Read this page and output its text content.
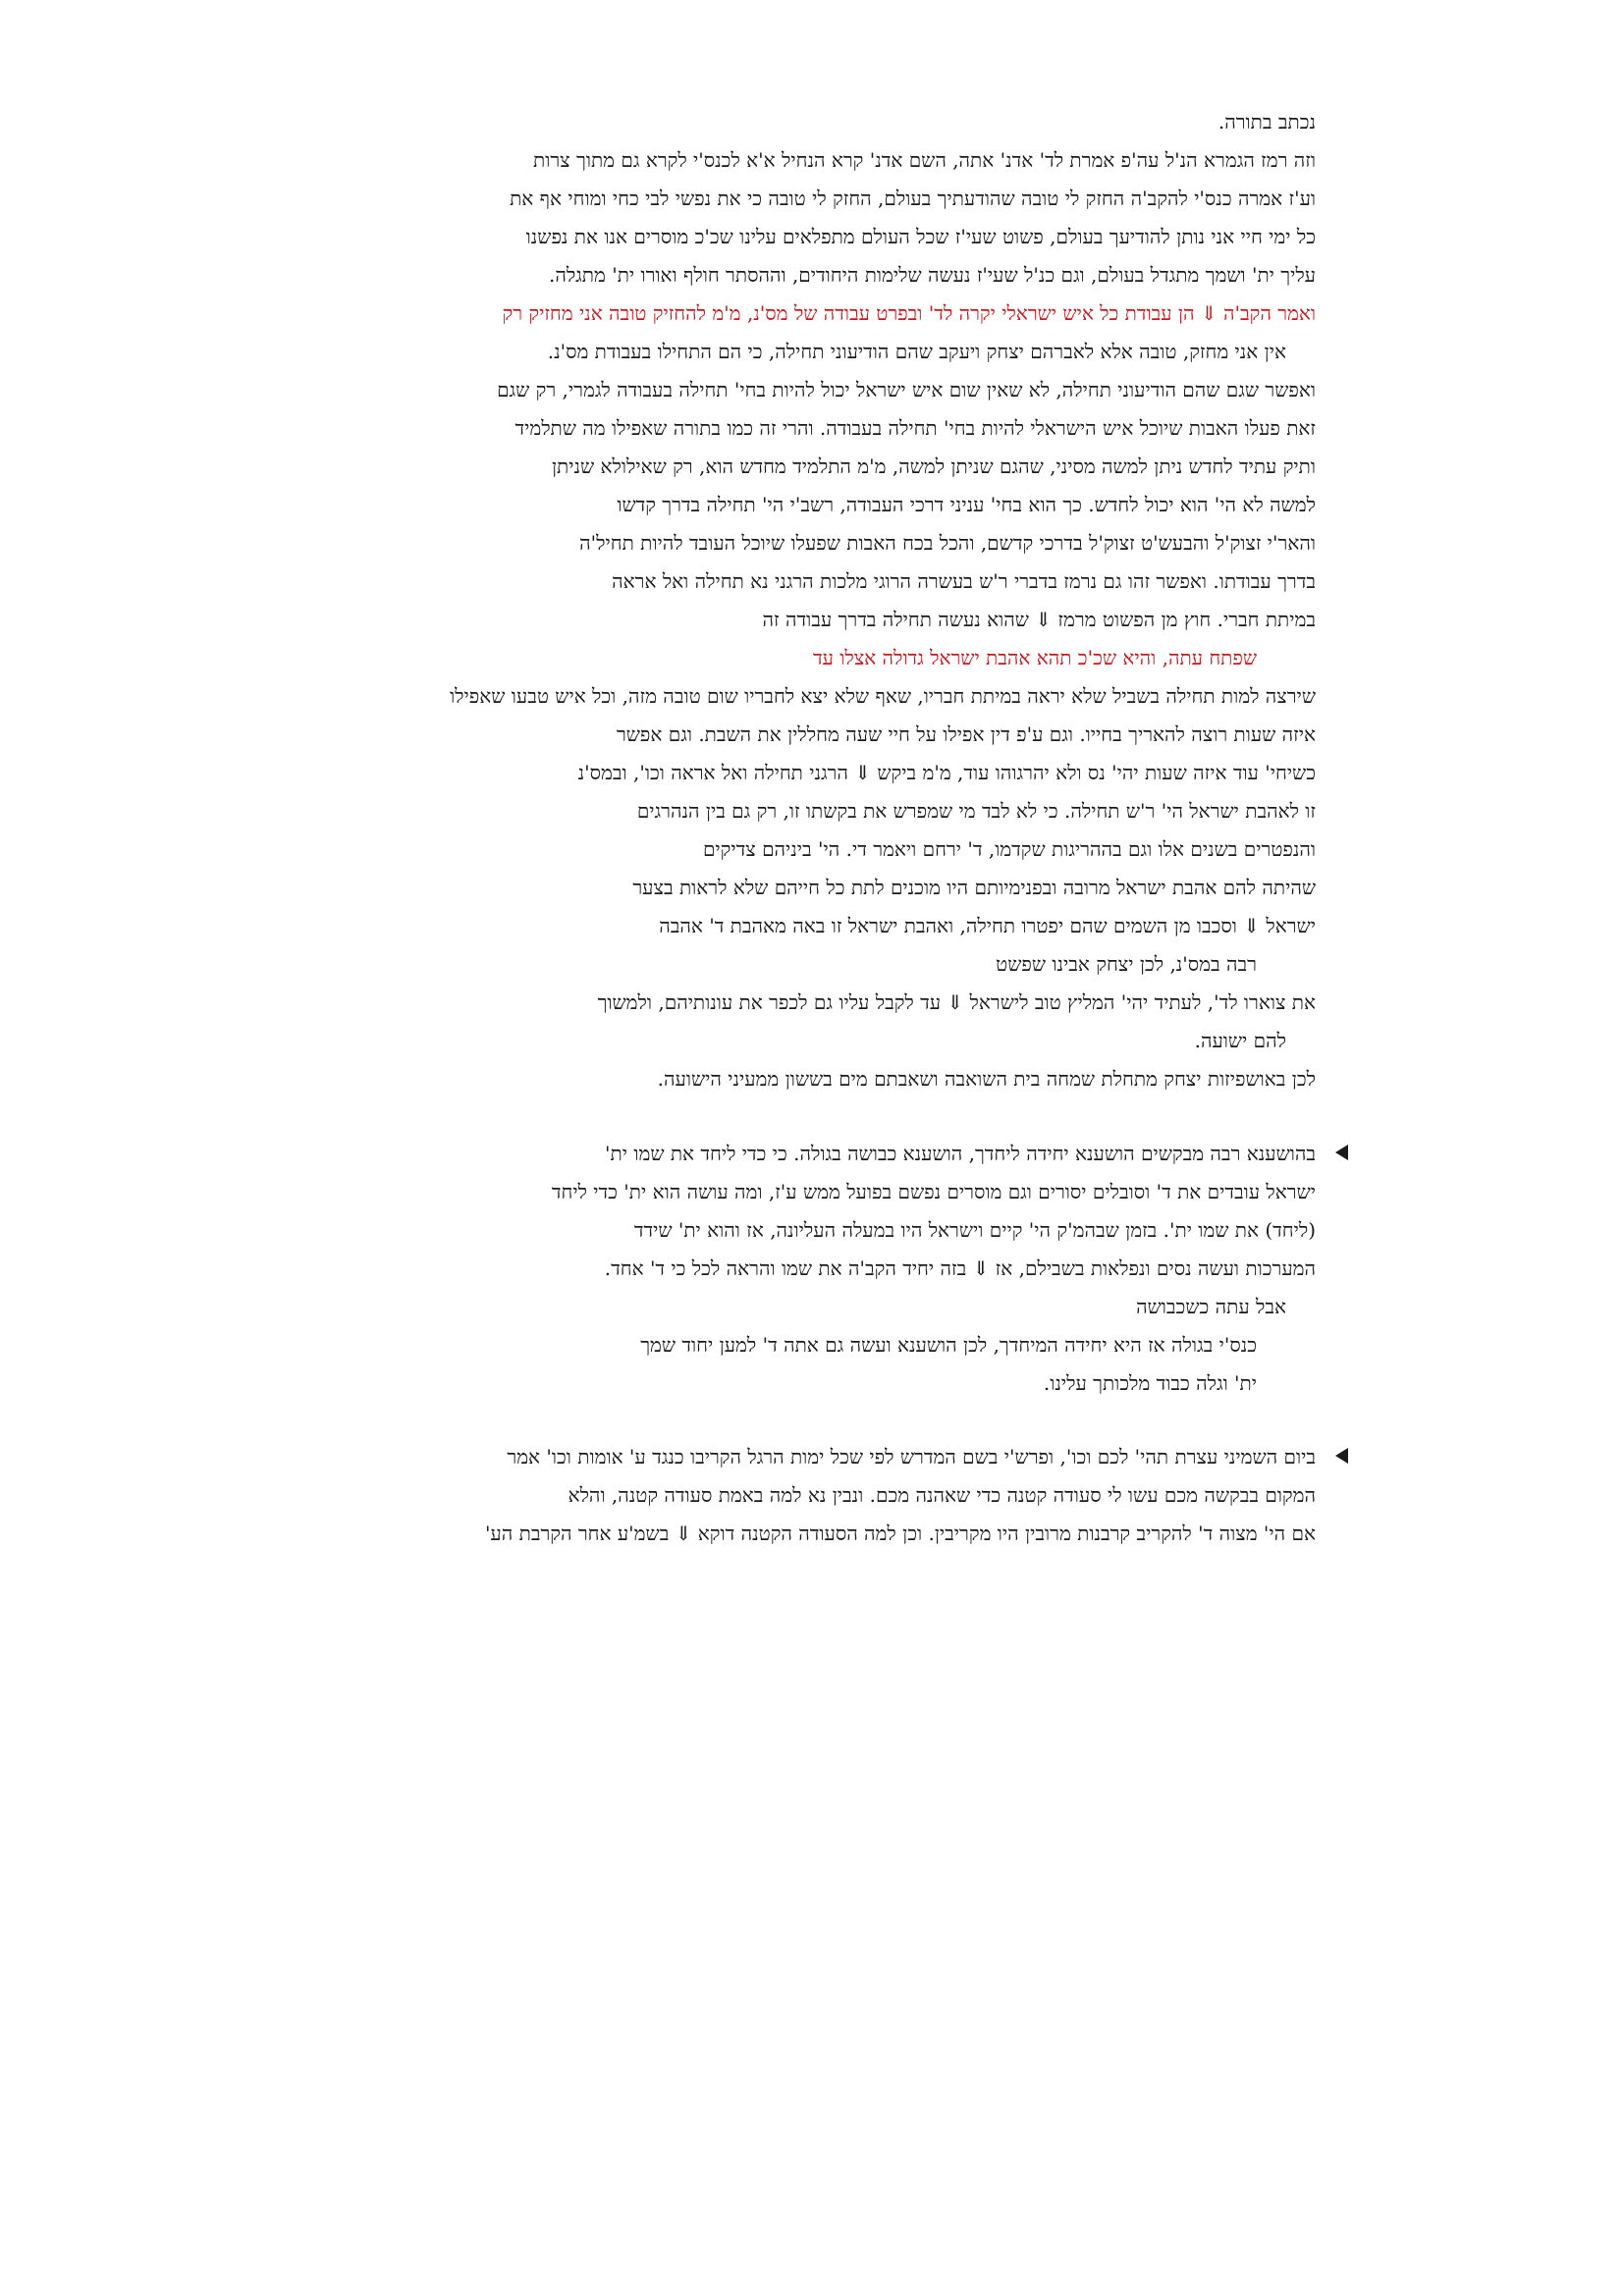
נכתב בתורה.
וזה רמז הגמרא הנ'ל עה'פ אמרת לד' אדנ' אתה, השם אדנ' קרא הנחיל א'א לכנס'י לקרא גם מתוך צרות
וע'ז אמרה כנס'י להקב'ה החזק לי טובה שהודעתיך בעולם, החזק לי טובה כי את נפשי לבי כחי ומוחי אף את
כל ימי חיי אני נותן להודיעך בעולם, פשוט שעי'ז שכל העולם מתפלאים עלינו שכ'כ מוסרים אנו את נפשנו
עליך ית' ושמך מתגדל בעולם, וגם כנ'ל שעי'ז נעשה שלימות היחודים, וההסתר חולף ואורו ית' מתגלה.
ואמר הקב'ה ⇓ הן עבודת כל איש ישראלי יקרה לד' ובפרט עבודה של מס'נ, מ'מ להחזיק טובה אני מחזיק רק
אין אני מחזק, טובה אלא לאברהם יצחק ויעקב שהם הודיעוני תחילה, כי הם התחילו בעבודת מס'נ.
ואפשר שגם שהם הודיעוני תחילה, לא שאין שום איש ישראל יכול להיות בחי' תחילה בעבודה לגמרי, רק שגם
זאת פעלו האבות שיוכל איש הישראלי להיות בחי' תחילה בעבודה. והרי זה כמו בתורה שאפילו מה שתלמיד
ותיק עתיד לחדש ניתן למשה מסיני, שהגם שניתן למשה, מ'מ התלמיד מחדש הוא, רק שאילולא שניתן
למשה לא הי' הוא יכול לחדש. כך הוא בחי' עניני דרכי העבודה, רשב'י הי' תחילה בדרך קדשו
והאר'י זצוק'ל והבעש'ט זצוק'ל בדרכי קדשם, והכל בכח האבות שפעלו שיוכל העובד להיות תחיל'ה
בדרך עבודתו. ואפשר זהו גם נרמז בדברי ר'ש בעשרה הרוגי מלכות הרגני נא תחילה ואל אראה
במיתת חברי. חוץ מן הפשוט מרמז ⇓ שהוא נעשה תחילה בדרך עבודה זה
שפתח עתה, והיא שכ'כ תהא אהבת ישראל גדולה אצלו עד
שירצה למות תחילה בשביל שלא יראה במיתת חבריו, שאף שלא יצא לחבריו שום טובה מזה, וכל איש טבעו שאפילו
איזה שעות רוצה להאריך בחייו. וגם ע'פ דין אפילו על חיי שעה מחללין את השבת. וגם אפשר
כשיחי' עוד איזה שעות יהי' נס ולא יהרגוהו עוד, מ'מ ביקש ⇓ הרגני תחילה ואל אראה וכו', ובמס'נ
זו לאהבת ישראל הי' ר'ש תחילה. כי לא לבד מי שמפרש את בקשתו זו, רק גם בין הנהרגים
והנפטרים בשנים אלו וגם בההריגות שקדמו, ד' ירחם ויאמר די. הי' ביניהם צדיקים
שהיתה להם אהבת ישראל מרובה ובפנימיותם היו מוכנים לתת כל חייהם שלא לראות בצער
ישראל ⇓ וסכבו מן השמים שהם יפטרו תחילה, ואהבת ישראל זו באה מאהבת ד' אהבה
רבה במס'נ, לכן יצחק אבינו שפשט
את צוארו לד', לעתיד יהי' המליץ טוב לישראל ⇓ עד לקבל עליו גם לכפר את עונותיהם, ולמשוך
להם ישועה.
לכן באושפיזות יצחק מתחלת שמחה בית השואבה ושאבתם מים בששון ממעיני הישועה.
בהושענא רבה מבקשים הושענא יחידה ליחדך, הושענא כבושה בגולה. כי כדי ליחד את שמו ית'
ישראל עובדים את ד' וסובלים יסורים וגם מוסרים נפשם בפועל ממש ע'ז, ומה עושה הוא ית' כדי ליחד
(ליחד) את שמו ית'. בזמן שבהמ'ק הי' קיים וישראל היו במעלה העליונה, אז והוא ית' שידד
המערכות ועשה נסים ונפלאות בשבילם, אז ⇓ בזה יחיד הקב'ה את שמו והראה לכל כי ד' אחד.
אבל עתה כשכבושה
כנס'י בגולה אז היא יחידה המיחדך, לכן הושענא ועשה גם אתה ד' למען יחוד שמך
ית' וגלה כבוד מלכותך עלינו.
ביום השמיני עצרת תהי' לכם וכו', ופרש'י בשם המדרש לפי שכל ימות הרגל הקריבו כנגד ע' אומות וכו' אמר
המקום בבקשה מכם עשו לי סעודה קטנה כדי שאהנה מכם. ונבין נא למה באמת סעודה קטנה, והלא
אם הי' מצוה ד' להקריב קרבנות מרובין היו מקריבין. וכן למה הסעודה הקטנה דוקא ⇓ בשמ'ע אחר הקרבת הע'
